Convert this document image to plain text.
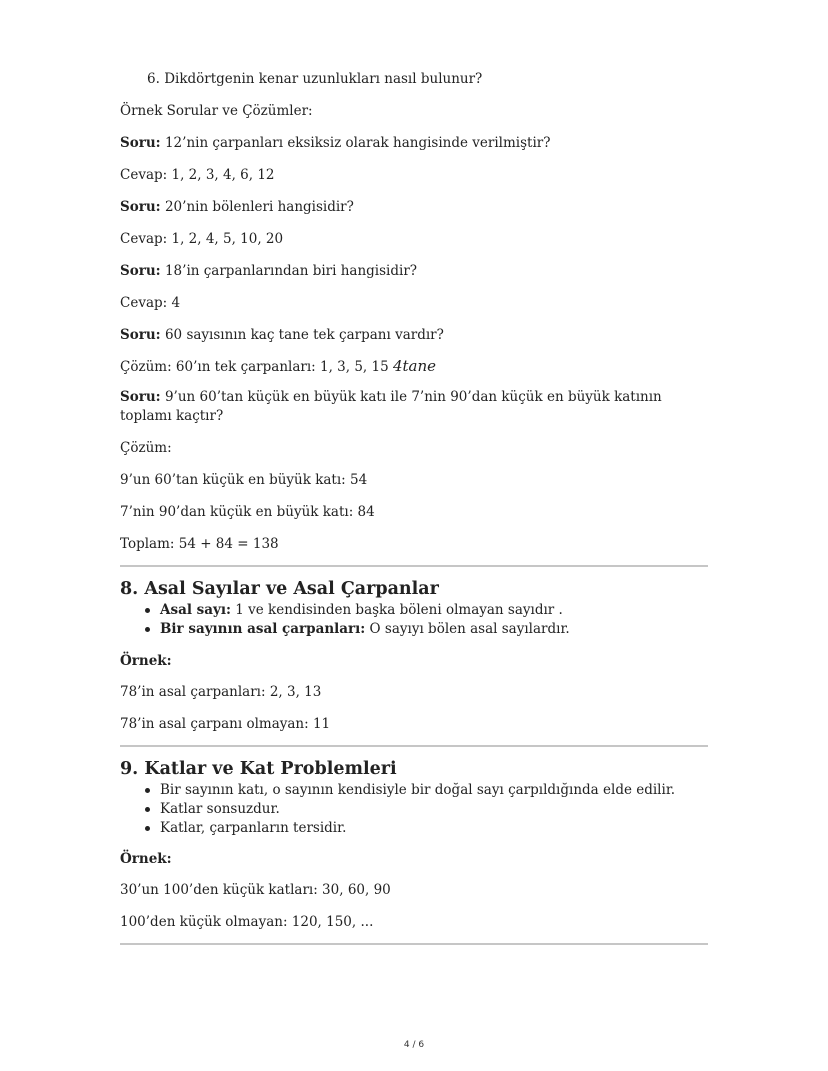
6. Dikdörtgenin kenar uzunlukları nasıl bulunur?

Örnek Sorular ve Çözümler:

Soru: 12’nin çarpanları eksiksiz olarak hangisinde verilmiştir?

Cevap: 1, 2, 3, 4, 6, 12

Soru: 20’nin bölenleri hangisidir?

Cevap: 1, 2, 4, 5, 10, 20

Soru: 18’in çarpanlarından biri hangisidir?

Cevap: 4

Soru: 60 sayısının kaç tane tek çarpanı vardır?

Çözüm: 60’ın tek çarpanları: 1, 3, 5, 15 4tane

Soru: 9’un 60’tan küçük en büyük katı ile 7’nin 90’dan küçük en büyük katının toplamı kaçtır?

Çözüm:

9’un 60’tan küçük en büyük katı: 54

7’nin 90’dan küçük en büyük katı: 84

Toplam: 54 + 84 = 138

8. Asal Sayılar ve Asal Çarpanlar
Asal sayı: 1 ve kendisinden başka böleni olmayan sayıdır .
Bir sayının asal çarpanları: O sayıyı bölen asal sayılardır.

Örnek:

78’in asal çarpanları: 2, 3, 13

78’in asal çarpanı olmayan: 11

9. Katlar ve Kat Problemleri
Bir sayının katı, o sayının kendisiyle bir doğal sayı çarpıldığında elde edilir.
Katlar sonsuzdur.
Katlar, çarpanların tersidir.

Örnek:

30’un 100’den küçük katları: 30, 60, 90

100’den küçük olmayan: 120, 150, ...

4 / 6
